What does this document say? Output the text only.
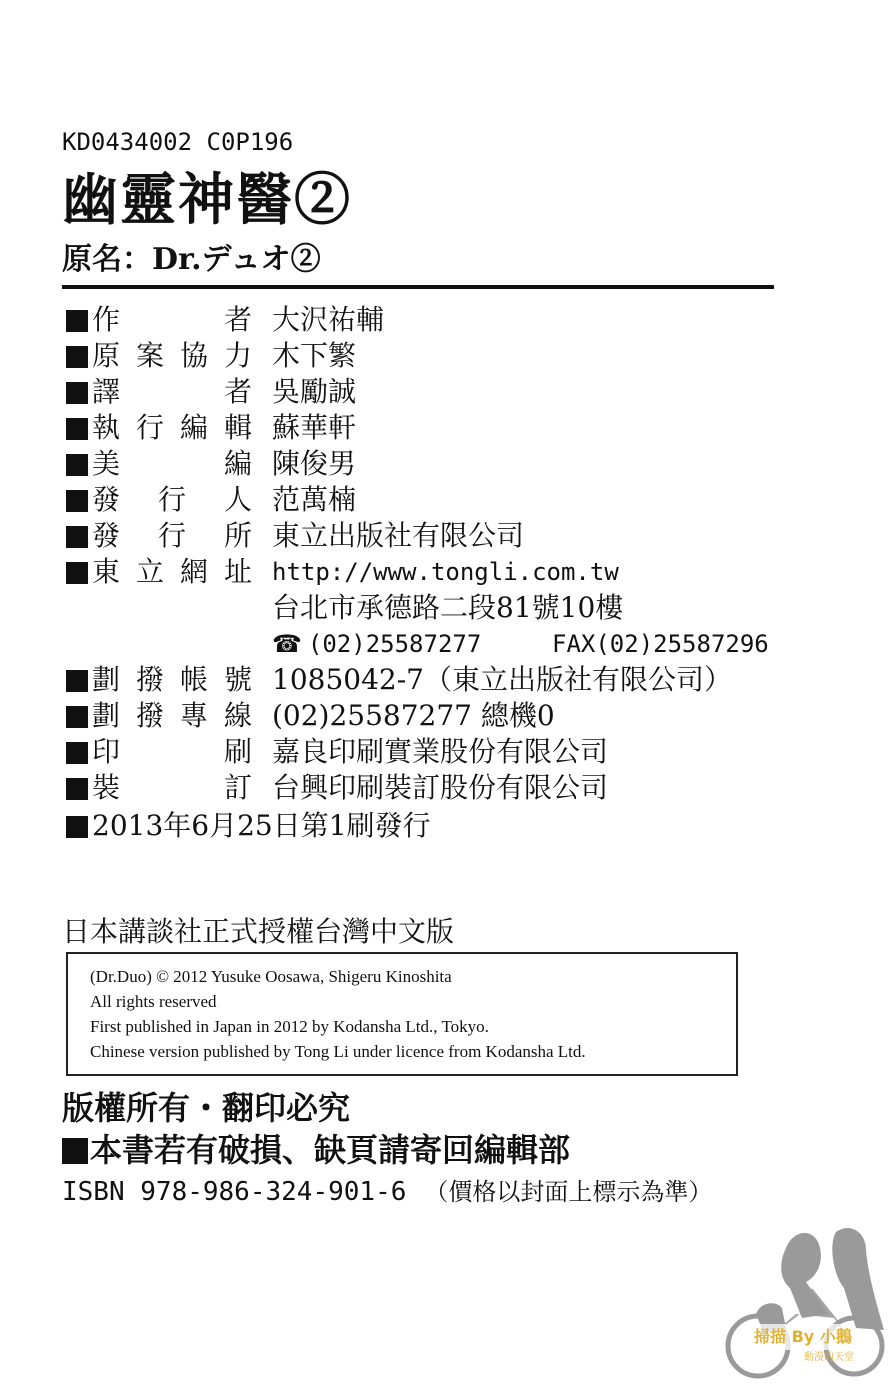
KD0434002 C0P196
幽靈神醫②
原名：Dr.デュオ②
作者 大沢祐輔
原案協力 木下繁
譯者 吳勵誠
執行編輯 蘇華軒
美編 陳俊男
發行人 范萬楠
發行所 東立出版社有限公司
東立網址 http://www.tongli.com.tw
台北市承德路二段81號10樓
☎ (02)25587277	FAX(02)25587296
劃撥帳號 1085042-7（東立出版社有限公司）
劃撥專線 (02)25587277 總機0
印刷 嘉良印刷實業股份有限公司
裝訂 台興印刷裝訂股份有限公司
2013年6月25日第1刷發行
日本講談社正式授權台灣中文版
(Dr.Duo) © 2012 Yusuke Oosawa, Shigeru Kinoshita
All rights reserved
First published in Japan in 2012 by Kodansha Ltd., Tokyo.
Chinese version published by Tong Li under licence from Kodansha Ltd.
版權所有・翻印必究
本書若有破損、缺頁請寄回編輯部
ISBN 978-986-324-901-6 （價格以封面上標示為準）
掃描 By 小鵝
動漫的天堂
